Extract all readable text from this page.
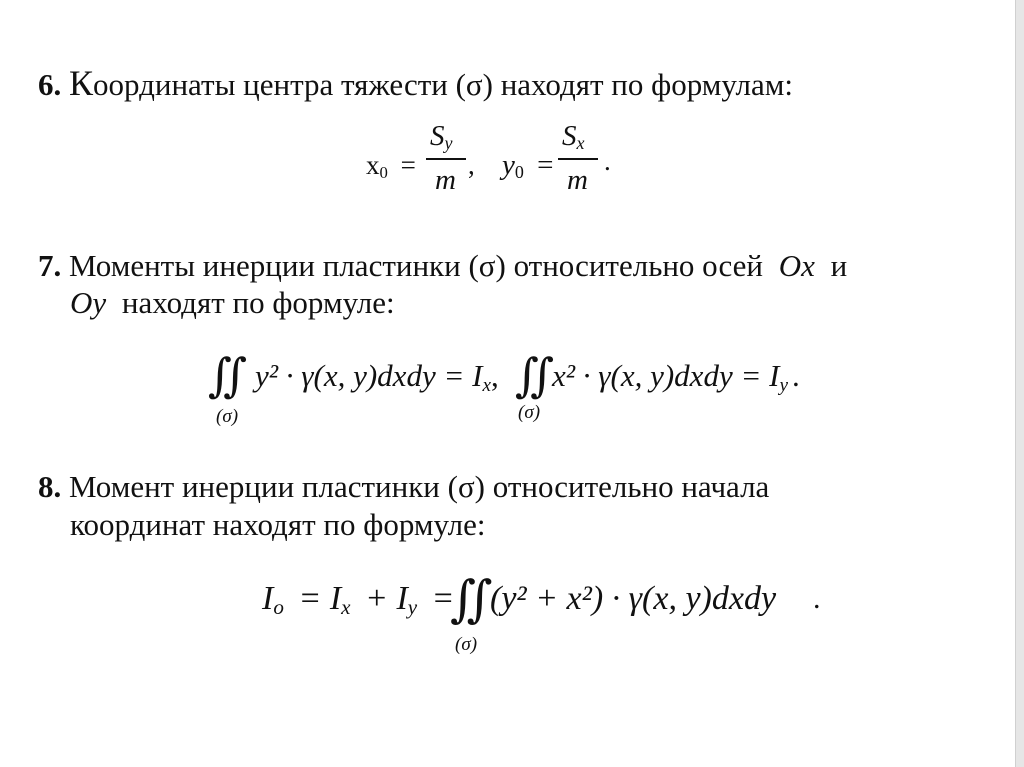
6. Координаты центра тяжести (σ) находят по формулам:
x0 =
Sy
m , y0 =
Sx
m
.
7. Моменты инерции пластинки (σ) относительно осей Ox и
Oy находят по формуле:
∬
(σ)
y² · γ(x, y)dxdy = Ix, ∬
(σ)
x² · γ(x, y)dxdy = Iy .
8. Момент инерции пластинки (σ) относительно начала
координат находят по формуле:
Io = Ix + Iy =
∬
(σ)
(y² + x²) · γ(x, y)dxdy .
